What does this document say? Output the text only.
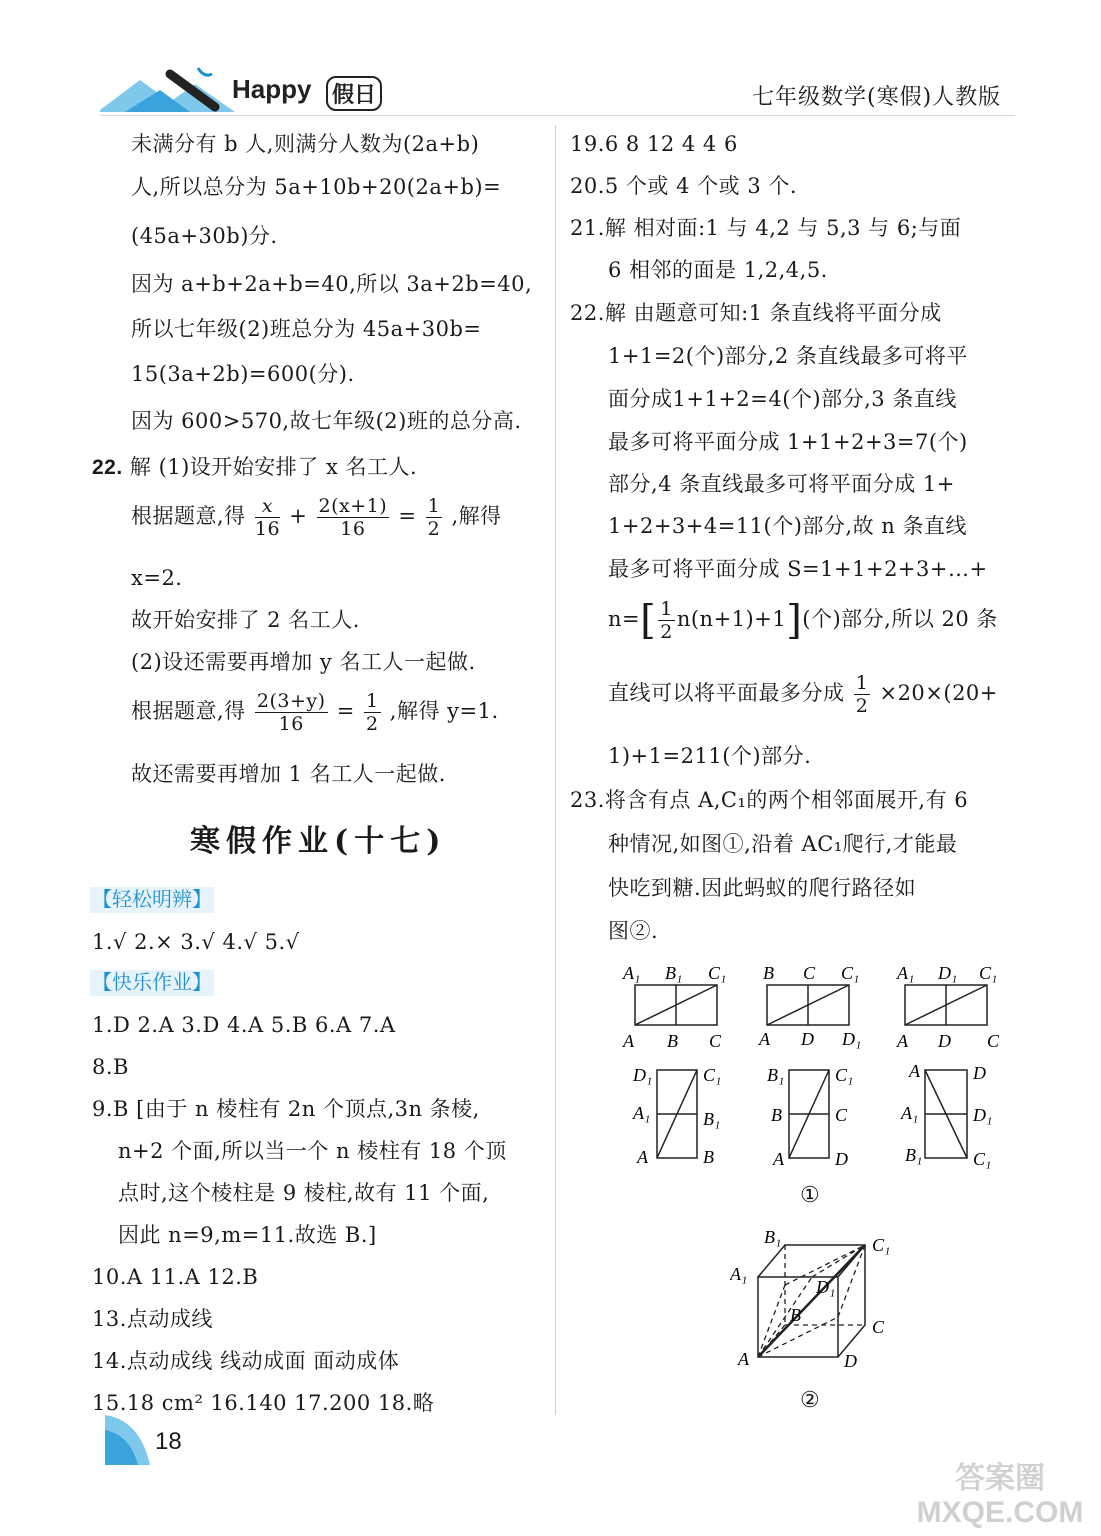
Happy 假日	七年级数学(寒假)人教版
未满分有 b 人,则满分人数为(2a+b)
人,所以总分为 5a+10b+20(2a+b)=
(45a+30b)分.
因为 a+b+2a+b=40,所以 3a+2b=40,
所以七年级(2)班总分为 45a+30b=
15(3a+2b)=600(分).
因为 600>570,故七年级(2)班的总分高.
22. 解 (1)设开始安排了 x 名工人.
根据题意,得 $\frac{x}{16} + \frac{2(x+1)}{16} = \frac{1}{2}$ ,解得
x=2.
故开始安排了 2 名工人.
(2)设还需要再增加 y 名工人一起做.
根据题意,得 $\frac{2(3+y)}{16} = \frac{1}{2}$ ,解得 y=1.
故还需要再增加 1 名工人一起做.
寒假作业(十七)
【轻松明辨】
1.√ 2.× 3.√ 4.√ 5.√
【快乐作业】
1.D 2.A 3.D 4.A 5.B 6.A 7.A
8.B
9.B [由于 n 棱柱有 2n 个顶点,3n 条棱,
n+2 个面,所以当一个 n 棱柱有 18 个顶
点时,这个棱柱是 9 棱柱,故有 11 个面,
因此 n=9,m=11.故选 B.]
10.A 11.A 12.B
13.点动成线
14.点动成线 线动成面 面动成体
15.18 cm² 16.140 17.200 18.略
18
19.6 8 12 4 4 6
20.5 个或 4 个或 3 个.
21.解 相对面:1 与 4,2 与 5,3 与 6;与面
6 相邻的面是 1,2,4,5.
22.解 由题意可知:1 条直线将平面分成
1+1=2(个)部分,2 条直线最多可将平
面分成1+1+2=4(个)部分,3 条直线
最多可将平面分成 1+1+2+3=7(个)
部分,4 条直线最多可将平面分成 1+
1+2+3+4=11(个)部分,故 n 条直线
最多可将平面分成 S=1+1+2+3+…+
$n=[ \frac{1}{2} n(n+1)+1]$(个)部分,所以 20 条
直线可以将平面最多分成 $\frac{1}{2} \times 20\times(20+$
1)+1=211(个)部分.
23.将含有点 A,C₁的两个相邻面展开,有 6
种情况,如图①,沿着 AC₁爬行,才能最
快吃到糖.因此蚂蚁的爬行路径如
图②.
A₁ B₁ C₁
A B C
B C C₁
A D D₁
A₁ D₁ C₁
A D C
D₁	C₁
A₁	B₁
A	B
B₁	C₁
B	C
A	D
A	D
A₁	D₁
B₁	C₁
①
B₁	C₁
A₁
D₁
B
C
A	D
②
答案圈 MXQE.COM
